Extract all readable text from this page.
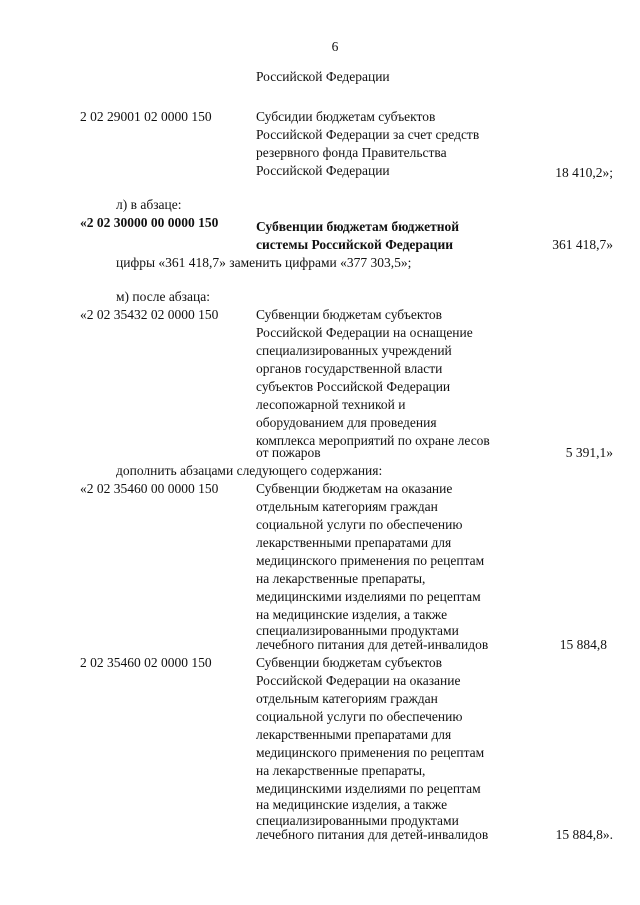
6
Российской Федерации
2 02 29001 02 0000 150	Субсидии бюджетам субъектов
Российской Федерации за счет средств
резервного фонда Правительства
Российской Федерации	18 410,2»;
л) в абзаце:
«2 02 30000 00 0000 150	Субвенции бюджетам бюджетной
системы Российской Федерации	361 418,7»
цифры «361 418,7» заменить цифрами «377 303,5»;
м) после абзаца:
«2 02 35432 02 0000 150	Субвенции бюджетам субъектов
Российской Федерации на оснащение
специализированных учреждений
органов государственной власти
субъектов Российской Федерации
лесопожарной техникой и
оборудованием для проведения
комплекса мероприятий по охране лесов
от пожаров	5 391,1»
дополнить абзацами следующего содержания:
«2 02 35460 00 0000 150	Субвенции бюджетам на оказание
отдельным категориям граждан
социальной услуги по обеспечению
лекарственными препаратами для
медицинского применения по рецептам
на лекарственные препараты,
медицинскими изделиями по рецептам
на медицинские изделия, а также
специализированными продуктами
лечебного питания для детей-инвалидов	15 884,8
2 02 35460 02 0000 150	Субвенции бюджетам субъектов
Российской Федерации на оказание
отдельным категориям граждан
социальной услуги по обеспечению
лекарственными препаратами для
медицинского применения по рецептам
на лекарственные препараты,
медицинскими изделиями по рецептам
на медицинские изделия, а также
специализированными продуктами
лечебного питания для детей-инвалидов	15 884,8».
